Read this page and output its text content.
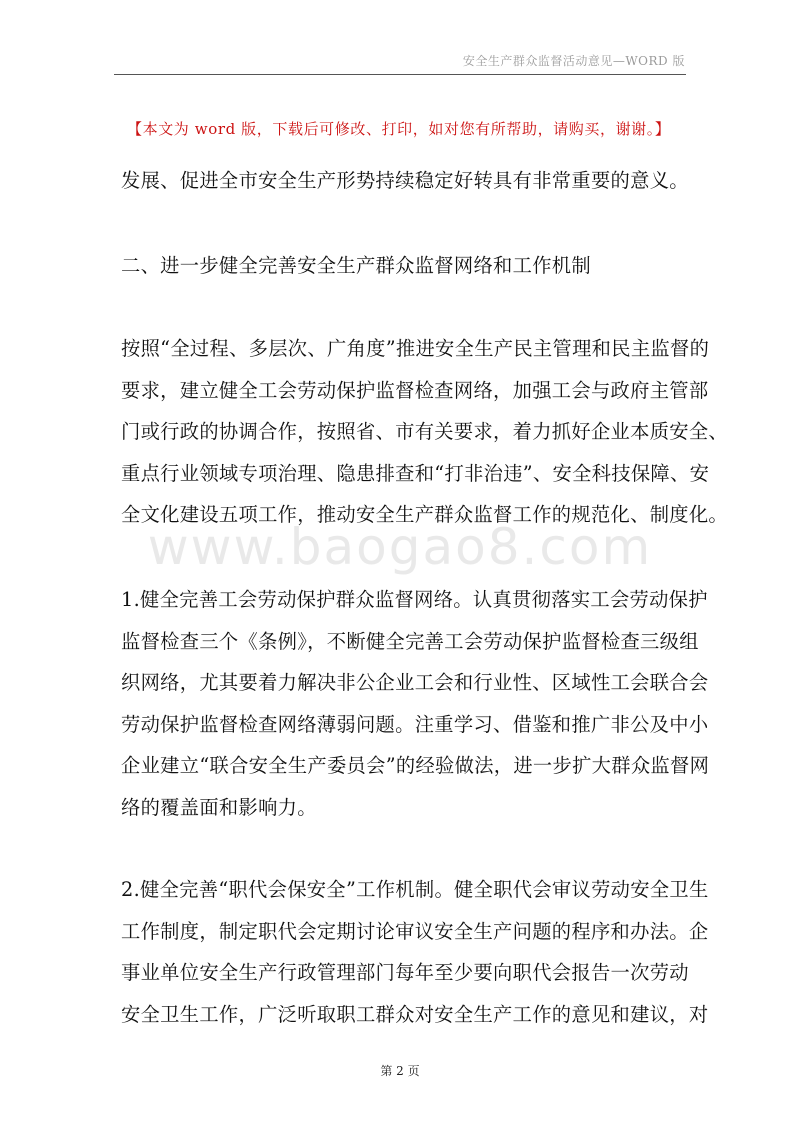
安全生产群众监督活动意见—WORD 版
【本文为 word 版，下载后可修改、打印，如对您有所帮助，请购买，谢谢。】
www.baogao8.com
发展、促进全市安全生产形势持续稳定好转具有非常重要的意义。
二、进一步健全完善安全生产群众监督网络和工作机制
按照“全过程、多层次、广角度”推进安全生产民主管理和民主监督的
要求，建立健全工会劳动保护监督检查网络，加强工会与政府主管部
门或行政的协调合作，按照省、市有关要求，着力抓好企业本质安全、
重点行业领域专项治理、隐患排查和“打非治违”、安全科技保障、安
全文化建设五项工作，推动安全生产群众监督工作的规范化、制度化。
1.健全完善工会劳动保护群众监督网络。认真贯彻落实工会劳动保护
监督检查三个《条例》，不断健全完善工会劳动保护监督检查三级组
织网络，尤其要着力解决非公企业工会和行业性、区域性工会联合会
劳动保护监督检查网络薄弱问题。注重学习、借鉴和推广非公及中小
企业建立“联合安全生产委员会”的经验做法，进一步扩大群众监督网
络的覆盖面和影响力。
2.健全完善“职代会保安全”工作机制。健全职代会审议劳动安全卫生
工作制度，制定职代会定期讨论审议安全生产问题的程序和办法。企
事业单位安全生产行政管理部门每年至少要向职代会报告一次劳动
安全卫生工作，广泛听取职工群众对安全生产工作的意见和建议，对
第 2 页
